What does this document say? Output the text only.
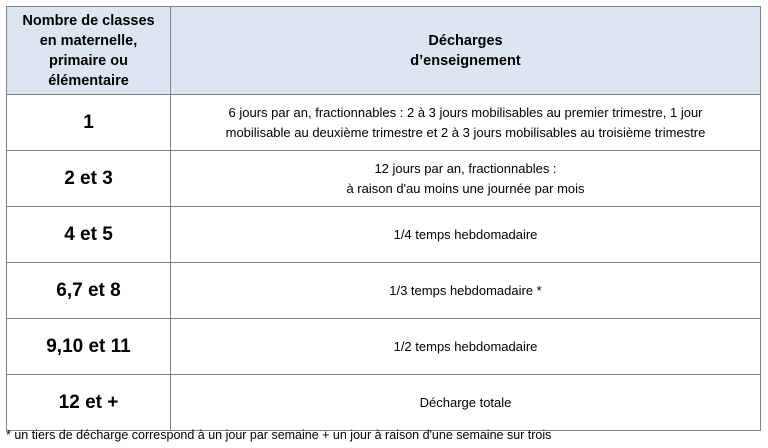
Nombre de classes
en maternelle,
primaire ou
élémentaire	Décharges
d’enseignement

1	6 jours par an, fractionnables : 2 à 3 jours mobilisables au premier trimestre, 1 jour
mobilisable au deuxième trimestre et 2 à 3 jours mobilisables au troisième trimestre

2 et 3	12 jours par an, fractionnables :
à raison d'au moins une journée par mois

4 et 5	1/4 temps hebdomadaire

6,7 et 8	1/3 temps hebdomadaire *

9,10 et 11	1/2 temps hebdomadaire

12 et +	Décharge totale
* un tiers de décharge correspond à un jour par semaine + un jour à raison d'une semaine sur trois
